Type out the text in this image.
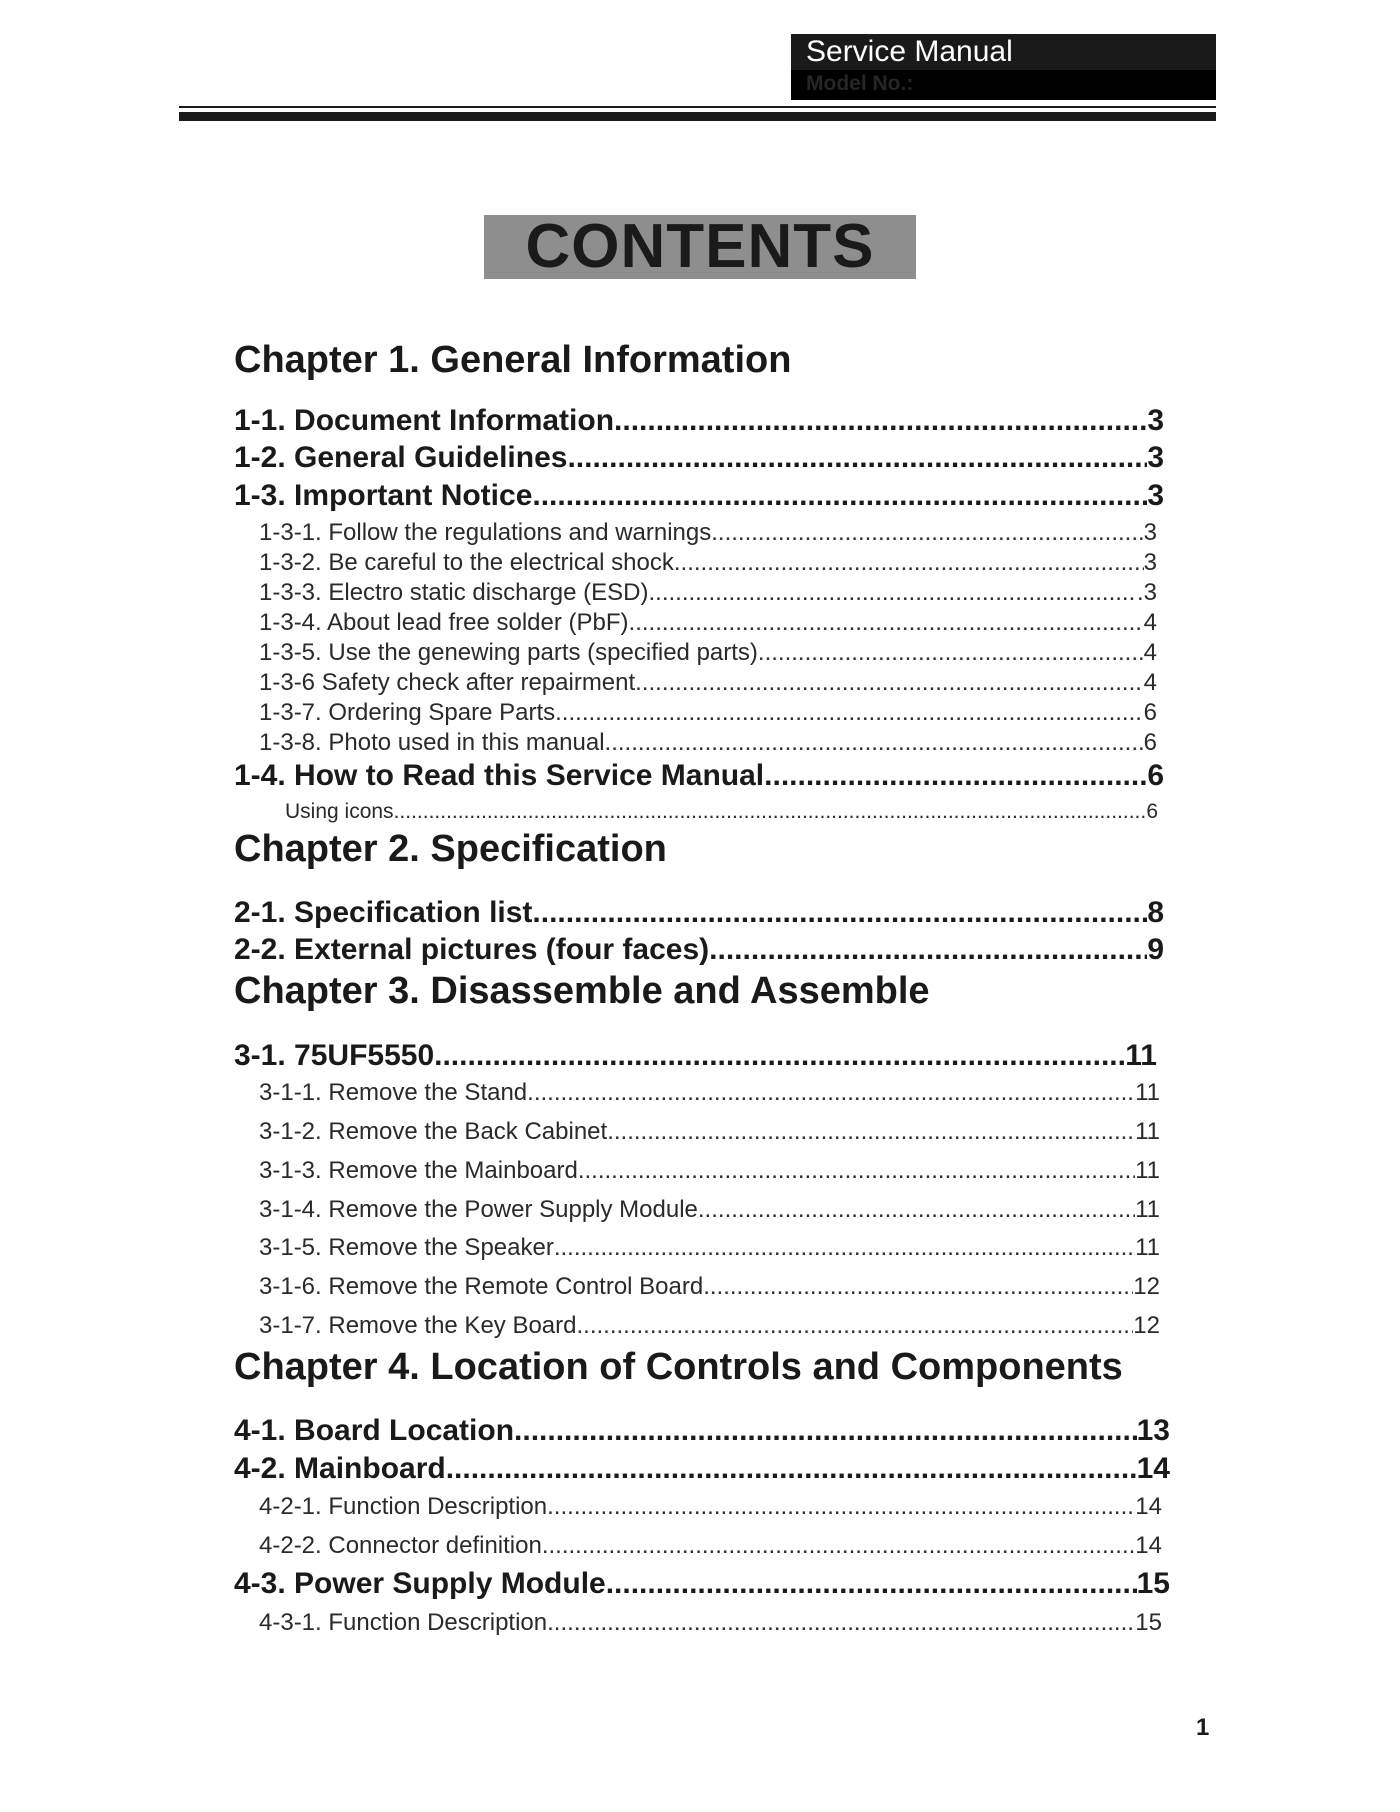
Service Manual
Model No.:
CONTENTS
Chapter 1. General Information
1-1. Document Information .....	3
1-2. General Guidelines .....	3
1-3. Important Notice .....	3
1-3-1. Follow the regulations and warnings .....	3
1-3-2. Be careful to the electrical shock .....	3
1-3-3. Electro static discharge (ESD) .....	.3
1-3-4. About lead free solder (PbF) .....	4
1-3-5. Use the genewing parts (specified parts) .....	4
1-3-6 Safety check after repairment .....	4
1-3-7. Ordering Spare Parts .....	6
1-3-8. Photo used in this manual .....	6
1-4. How to Read this Service Manual .....	6
Using icons .....	6
Chapter 2. Specification
2-1. Specification list .....	8
2-2. External pictures (four faces) .....	9
Chapter 3. Disassemble and Assemble
3-1. 75UF5550 .....	11
3-1-1. Remove the Stand .....	11
3-1-2. Remove the Back Cabinet .....	11
3-1-3. Remove the Mainboard .....	11
3-1-4. Remove the Power Supply Module .....	11
3-1-5. Remove the Speaker .....	11
3-1-6. Remove the Remote Control Board .....	12
3-1-7. Remove the Key Board .....	12
Chapter 4. Location of Controls and Components
4-1. Board Location .....	13
4-2. Mainboard .....	14
4-2-1. Function Description .....	14
4-2-2. Connector definition .....	14
4-3. Power Supply Module .....	15
4-3-1. Function Description .....	15
1
